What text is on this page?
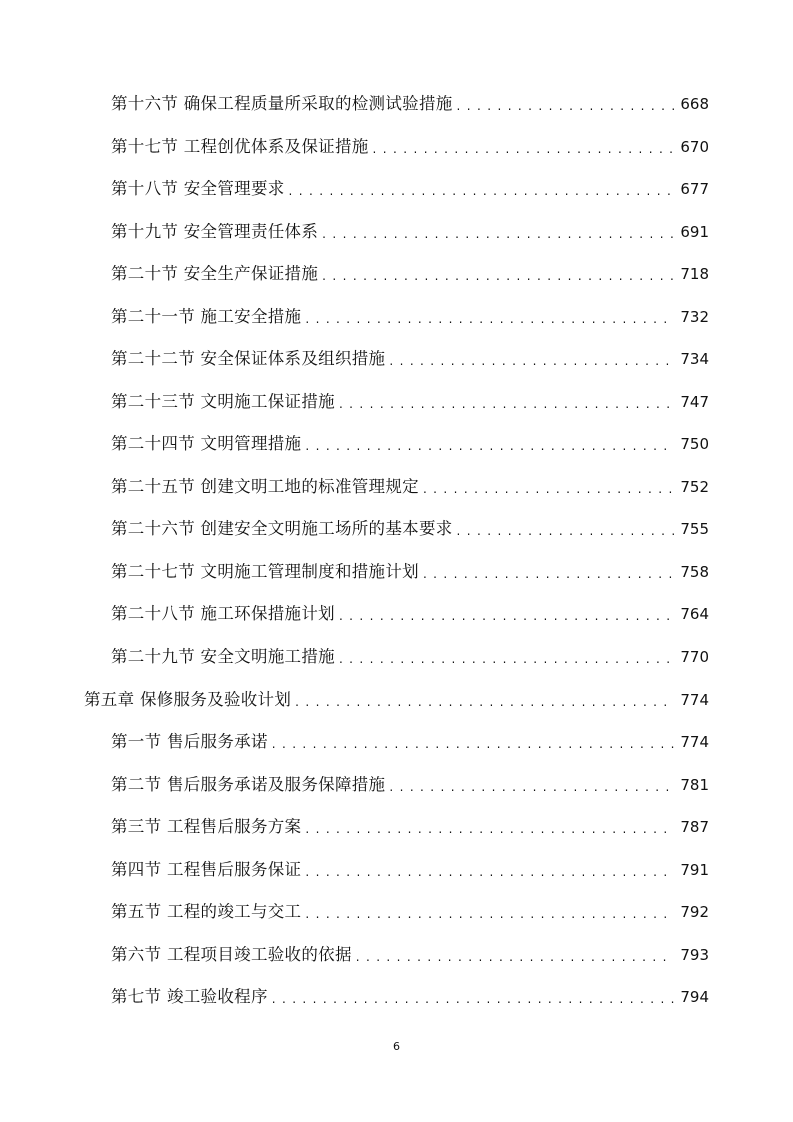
第十六节 确保工程质量所采取的检测试验措施 . . .	668
第十七节 工程创优体系及保证措施 . . .	670
第十八节 安全管理要求 . . .	677
第十九节 安全管理责任体系 . . .	691
第二十节 安全生产保证措施 . . .	718
第二十一节 施工安全措施 . . .	732
第二十二节 安全保证体系及组织措施 . . .	734
第二十三节 文明施工保证措施 . . .	747
第二十四节 文明管理措施 . . .	750
第二十五节 创建文明工地的标准管理规定 . . .	752
第二十六节 创建安全文明施工场所的基本要求 . . .	755
第二十七节 文明施工管理制度和措施计划 . . .	758
第二十八节 施工环保措施计划 . . .	764
第二十九节 安全文明施工措施 . . .	770
第五章 保修服务及验收计划 . . .	774
第一节 售后服务承诺 . . .	774
第二节 售后服务承诺及服务保障措施 . . .	781
第三节 工程售后服务方案 . . .	787
第四节 工程售后服务保证 . . .	791
第五节 工程的竣工与交工 . . .	792
第六节 工程项目竣工验收的依据 . . .	793
第七节 竣工验收程序 . . .	794
6
